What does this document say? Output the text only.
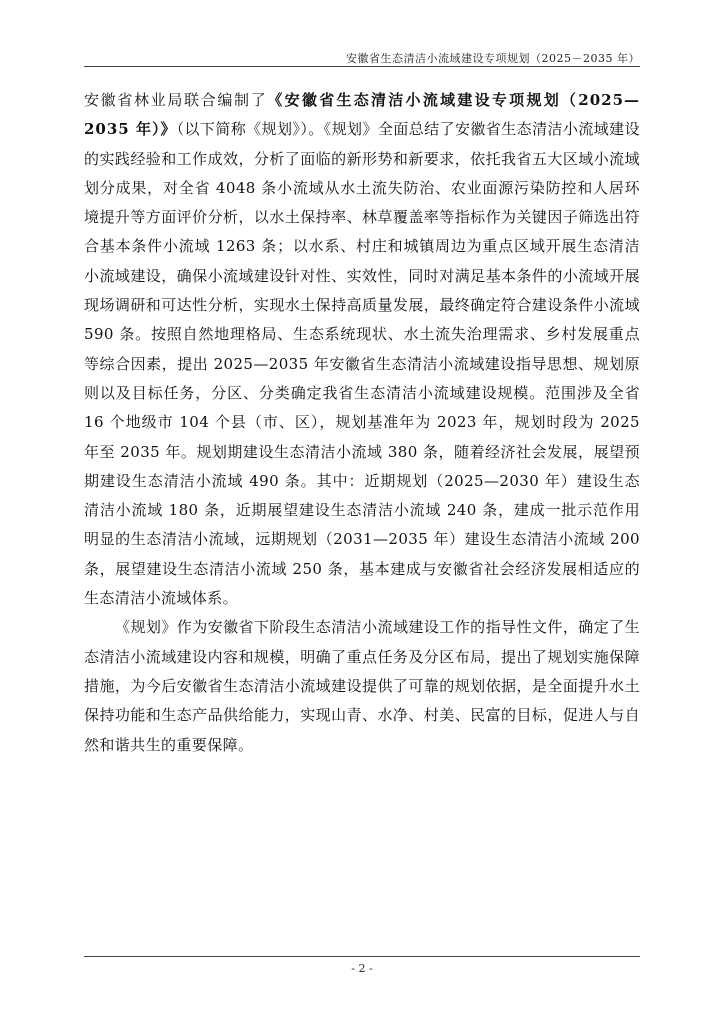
安徽省生态清洁小流域建设专项规划（2025－2035 年）

安徽省林业局联合编制了《安徽省生态清洁小流域建设专项规划（2025—2035 年）》（以下简称《规划》）。《规划》全面总结了安徽省生态清洁小流域建设的实践经验和工作成效，分析了面临的新形势和新要求，依托我省五大区域小流域划分成果，对全省 4048 条小流域从水土流失防治、农业面源污染防控和人居环境提升等方面评价分析，以水土保持率、林草覆盖率等指标作为关键因子筛选出符合基本条件小流域 1263 条；以水系、村庄和城镇周边为重点区域开展生态清洁小流域建设，确保小流域建设针对性、实效性，同时对满足基本条件的小流域开展现场调研和可达性分析，实现水土保持高质量发展，最终确定符合建设条件小流域 590 条。按照自然地理格局、生态系统现状、水土流失治理需求、乡村发展重点等综合因素，提出 2025—2035 年安徽省生态清洁小流域建设指导思想、规划原则以及目标任务，分区、分类确定我省生态清洁小流域建设规模。范围涉及全省 16 个地级市 104 个县（市、区），规划基准年为 2023 年，规划时段为 2025 年至 2035 年。规划期建设生态清洁小流域 380 条，随着经济社会发展，展望预期建设生态清洁小流域 490 条。其中：近期规划（2025—2030 年）建设生态清洁小流域 180 条，近期展望建设生态清洁小流域 240 条，建成一批示范作用明显的生态清洁小流域，远期规划（2031—2035 年）建设生态清洁小流域 200 条，展望建设生态清洁小流域 250 条，基本建成与安徽省社会经济发展相适应的生态清洁小流域体系。

《规划》作为安徽省下阶段生态清洁小流域建设工作的指导性文件，确定了生态清洁小流域建设内容和规模，明确了重点任务及分区布局，提出了规划实施保障措施，为今后安徽省生态清洁小流域建设提供了可靠的规划依据，是全面提升水土保持功能和生态产品供给能力，实现山青、水净、村美、民富的目标，促进人与自然和谐共生的重要保障。

- 2 -
